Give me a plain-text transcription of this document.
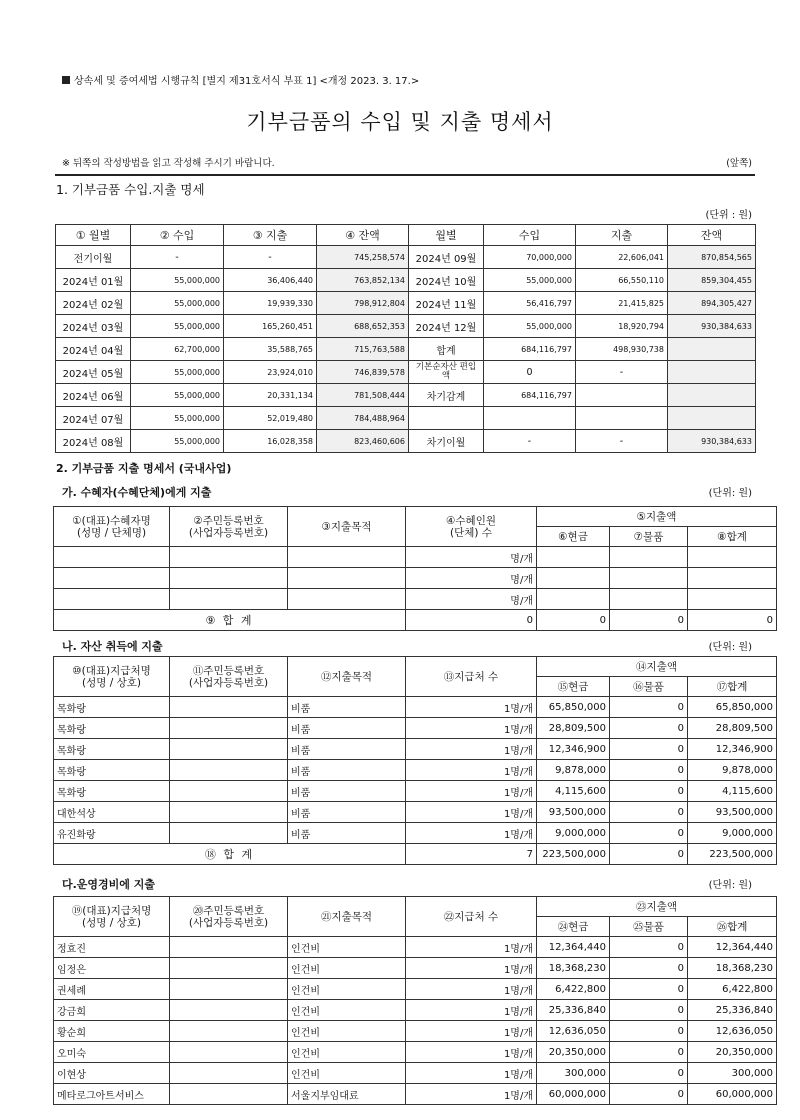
상속세 및 증여세법 시행규칙 [별지 제31호서식 부표 1] <개정 2023. 3. 17.>
기부금품의 수입 및 지출 명세서
※ 뒤쪽의 작성방법을 읽고 작성해 주시기 바랍니다.	(앞쪽)
1. 기부금품 수입.지출 명세
(단위 : 원)
① 월별	② 수입	③ 지출	④ 잔액	월별	수입	지출	잔액
전기이월	-	-	745,258,574	2024년 09월	70,000,000	22,606,041	870,854,565
2024년 01월	55,000,000	36,406,440	763,852,134	2024년 10월	55,000,000	66,550,110	859,304,455
2024년 02월	55,000,000	19,939,330	798,912,804	2024년 11월	56,416,797	21,415,825	894,305,427
2024년 03월	55,000,000	165,260,451	688,652,353	2024년 12월	55,000,000	18,920,794	930,384,633
2024년 04월	62,700,000	35,588,765	715,763,588	합계	684,116,797	498,930,738	
2024년 05월	55,000,000	23,924,010	746,839,578	기본순자산 편입액	0	-	
2024년 06월	55,000,000	20,331,134	781,508,444	차기감계	684,116,797		
2024년 07월	55,000,000	52,019,480	784,488,964				
2024년 08월	55,000,000	16,028,358	823,460,606	차기이월	-	-	930,384,633
2. 기부금품 지출 명세서 (국내사업)
가. 수혜자(수혜단체)에게 지출	(단위: 원)
①(대표)수혜자명
(성명 / 단체명)	②주민등록번호
(사업자등록번호)	③지출목적	④수혜인원
(단체) 수	⑤지출액		
				⑥현금	⑦물품	⑧합계
			명/개			
			명/개			
			명/개			
⑨ 합 계			0	0	0	0
나. 자산 취득에 지출	(단위: 원)
⑩(대표)지급처명
(성명 / 상호)	⑪주민등록번호
(사업자등록번호)	⑫지출목적	⑬지급처 수	⑭지출액		
				⑮현금	⑯물품	⑰합계
목화랑		비품	1명/개	65,850,000	0	65,850,000
목화랑		비품	1명/개	28,809,500	0	28,809,500
목화랑		비품	1명/개	12,346,900	0	12,346,900
목화랑		비품	1명/개	9,878,000	0	9,878,000
목화랑		비품	1명/개	4,115,600	0	4,115,600
대한석상		비품	1명/개	93,500,000	0	93,500,000
유진화랑		비품	1명/개	9,000,000	0	9,000,000
⑱ 합 계			7	223,500,000	0	223,500,000
다.운영경비에 지출	(단위: 원)
⑲(대표)지급처명
(성명 / 상호)	⑳주민등록번호
(사업자등록번호)	㉑지출목적	㉒지급처 수	㉓지출액		
				㉔현금	㉕물품	㉖합계
정효진		인건비	1명/개	12,364,440	0	12,364,440
임정은		인건비	1명/개	18,368,230	0	18,368,230
권세례		인건비	1명/개	6,422,800	0	6,422,800
강금희		인건비	1명/개	25,336,840	0	25,336,840
황순희		인건비	1명/개	12,636,050	0	12,636,050
오미숙		인건비	1명/개	20,350,000	0	20,350,000
이현상		인건비	1명/개	300,000	0	300,000
메타로그아트서비스		서울지부임대료	1명/개	60,000,000	0	60,000,000
